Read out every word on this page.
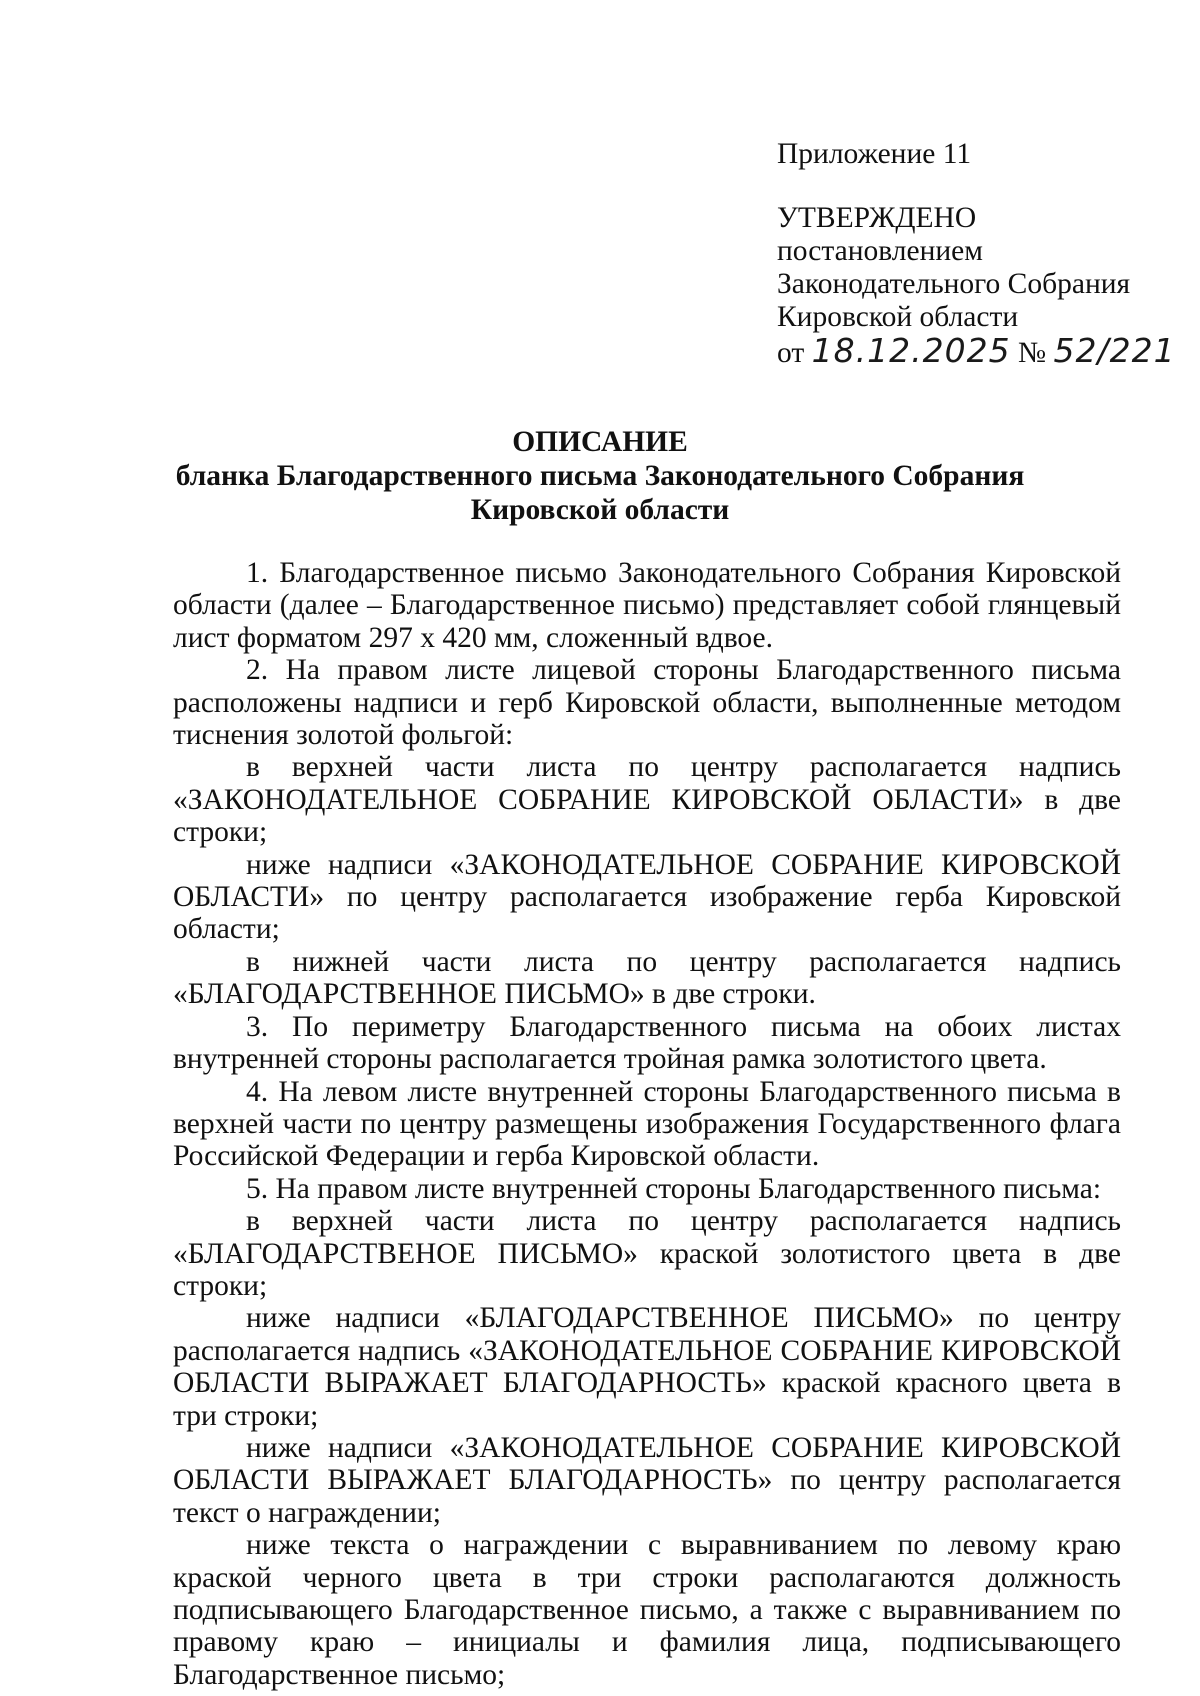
Приложение 11
УТВЕРЖДЕНО
постановлением
Законодательного Собрания
Кировской области
от 18.12.2025 № 52/221
ОПИСАНИЕ
бланка Благодарственного письма Законодательного Собрания
Кировской области

1. Благодарственное письмо Законодательного Собрания Кировской области (далее – Благодарственное письмо) представляет собой глянцевый лист форматом 297 х 420 мм, сложенный вдвое.

2. На правом листе лицевой стороны Благодарственного письма расположены надписи и герб Кировской области, выполненные методом тиснения золотой фольгой:

в верхней части листа по центру располагается надпись «ЗАКОНОДАТЕЛЬНОЕ СОБРАНИЕ КИРОВСКОЙ ОБЛАСТИ» в две строки;

ниже надписи «ЗАКОНОДАТЕЛЬНОЕ СОБРАНИЕ КИРОВСКОЙ ОБЛАСТИ» по центру располагается изображение герба Кировской области;

в нижней части листа по центру располагается надпись «БЛАГОДАРСТВЕННОЕ ПИСЬМО» в две строки.

3. По периметру Благодарственного письма на обоих листах внутренней стороны располагается тройная рамка золотистого цвета.

4. На левом листе внутренней стороны Благодарственного письма в верхней части по центру размещены изображения Государственного флага Российской Федерации и герба Кировской области.

5. На правом листе внутренней стороны Благодарственного письма:

в верхней части листа по центру располагается надпись «БЛАГОДАРСТВЕНОЕ ПИСЬМО» краской золотистого цвета в две строки;

ниже надписи «БЛАГОДАРСТВЕННОЕ ПИСЬМО» по центру располагается надпись «ЗАКОНОДАТЕЛЬНОЕ СОБРАНИЕ КИРОВСКОЙ ОБЛАСТИ ВЫРАЖАЕТ БЛАГОДАРНОСТЬ» краской красного цвета в три строки;

ниже надписи «ЗАКОНОДАТЕЛЬНОЕ СОБРАНИЕ КИРОВСКОЙ ОБЛАСТИ ВЫРАЖАЕТ БЛАГОДАРНОСТЬ» по центру располагается текст о награждении;

ниже текста о награждении с выравниванием по левому краю краской черного цвета в три строки располагаются должность подписывающего Благодарственное письмо, а также с выравниванием по правому краю – инициалы и фамилия лица, подписывающего Благодарственное письмо;
